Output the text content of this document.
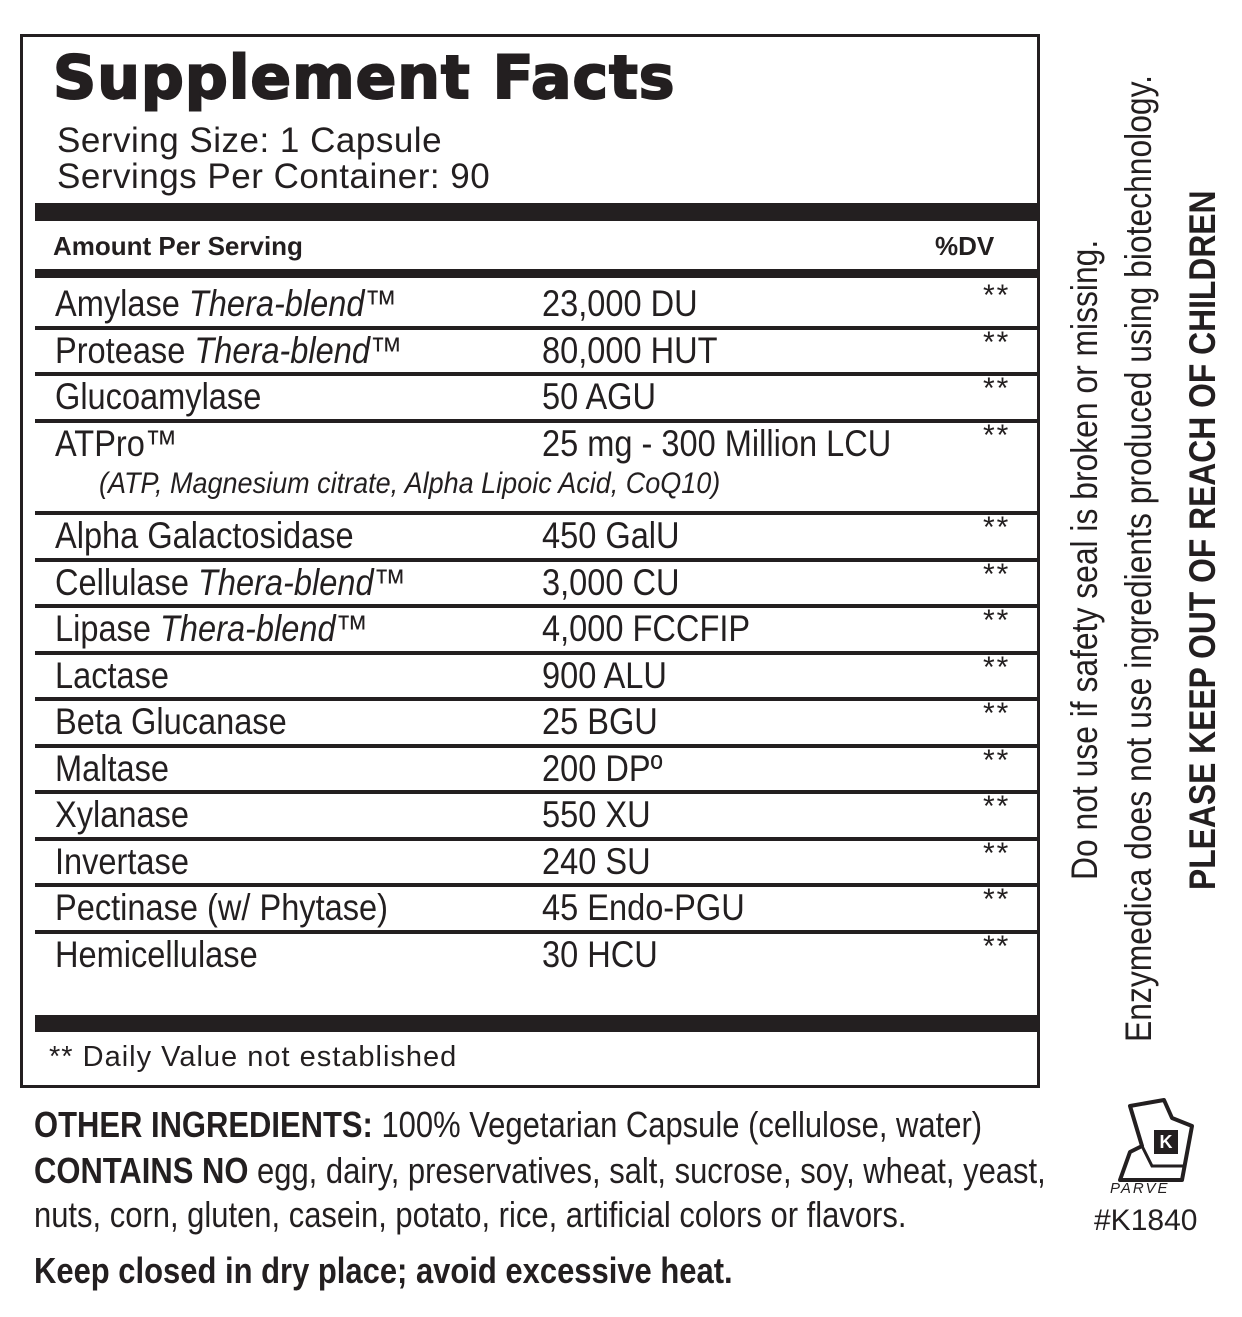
Supplement Facts
Serving Size: 1 Capsule
Servings Per Container: 90
Amount Per Serving	%DV
Amylase Thera-blend™	23,000 DU	**
Protease Thera-blend™	80,000 HUT	**
Glucoamylase	50 AGU	**
ATPro™	25 mg - 300 Million LCU	**
(ATP, Magnesium citrate, Alpha Lipoic Acid, CoQ10)
Alpha Galactosidase	450 GalU	**
Cellulase Thera-blend™	3,000 CU	**
Lipase Thera-blend™	4,000 FCCFIP	**
Lactase	900 ALU	**
Beta Glucanase	25 BGU	**
Maltase	200 DPº	**
Xylanase	550 XU	**
Invertase	240 SU	**
Pectinase (w/ Phytase)	45 Endo-PGU	**
Hemicellulase	30 HCU	**
** Daily Value not established
Do not use if safety seal is broken or missing. Enzymedica does not use ingredients produced using biotechnology. PLEASE KEEP OUT OF REACH OF CHILDREN
OTHER INGREDIENTS: 100% Vegetarian Capsule (cellulose, water)
CONTAINS NO egg, dairy, preservatives, salt, sucrose, soy, wheat, yeast,
nuts, corn, gluten, casein, potato, rice, artificial colors or flavors.
Keep closed in dry place; avoid excessive heat.
K
PARVE
#K1840
